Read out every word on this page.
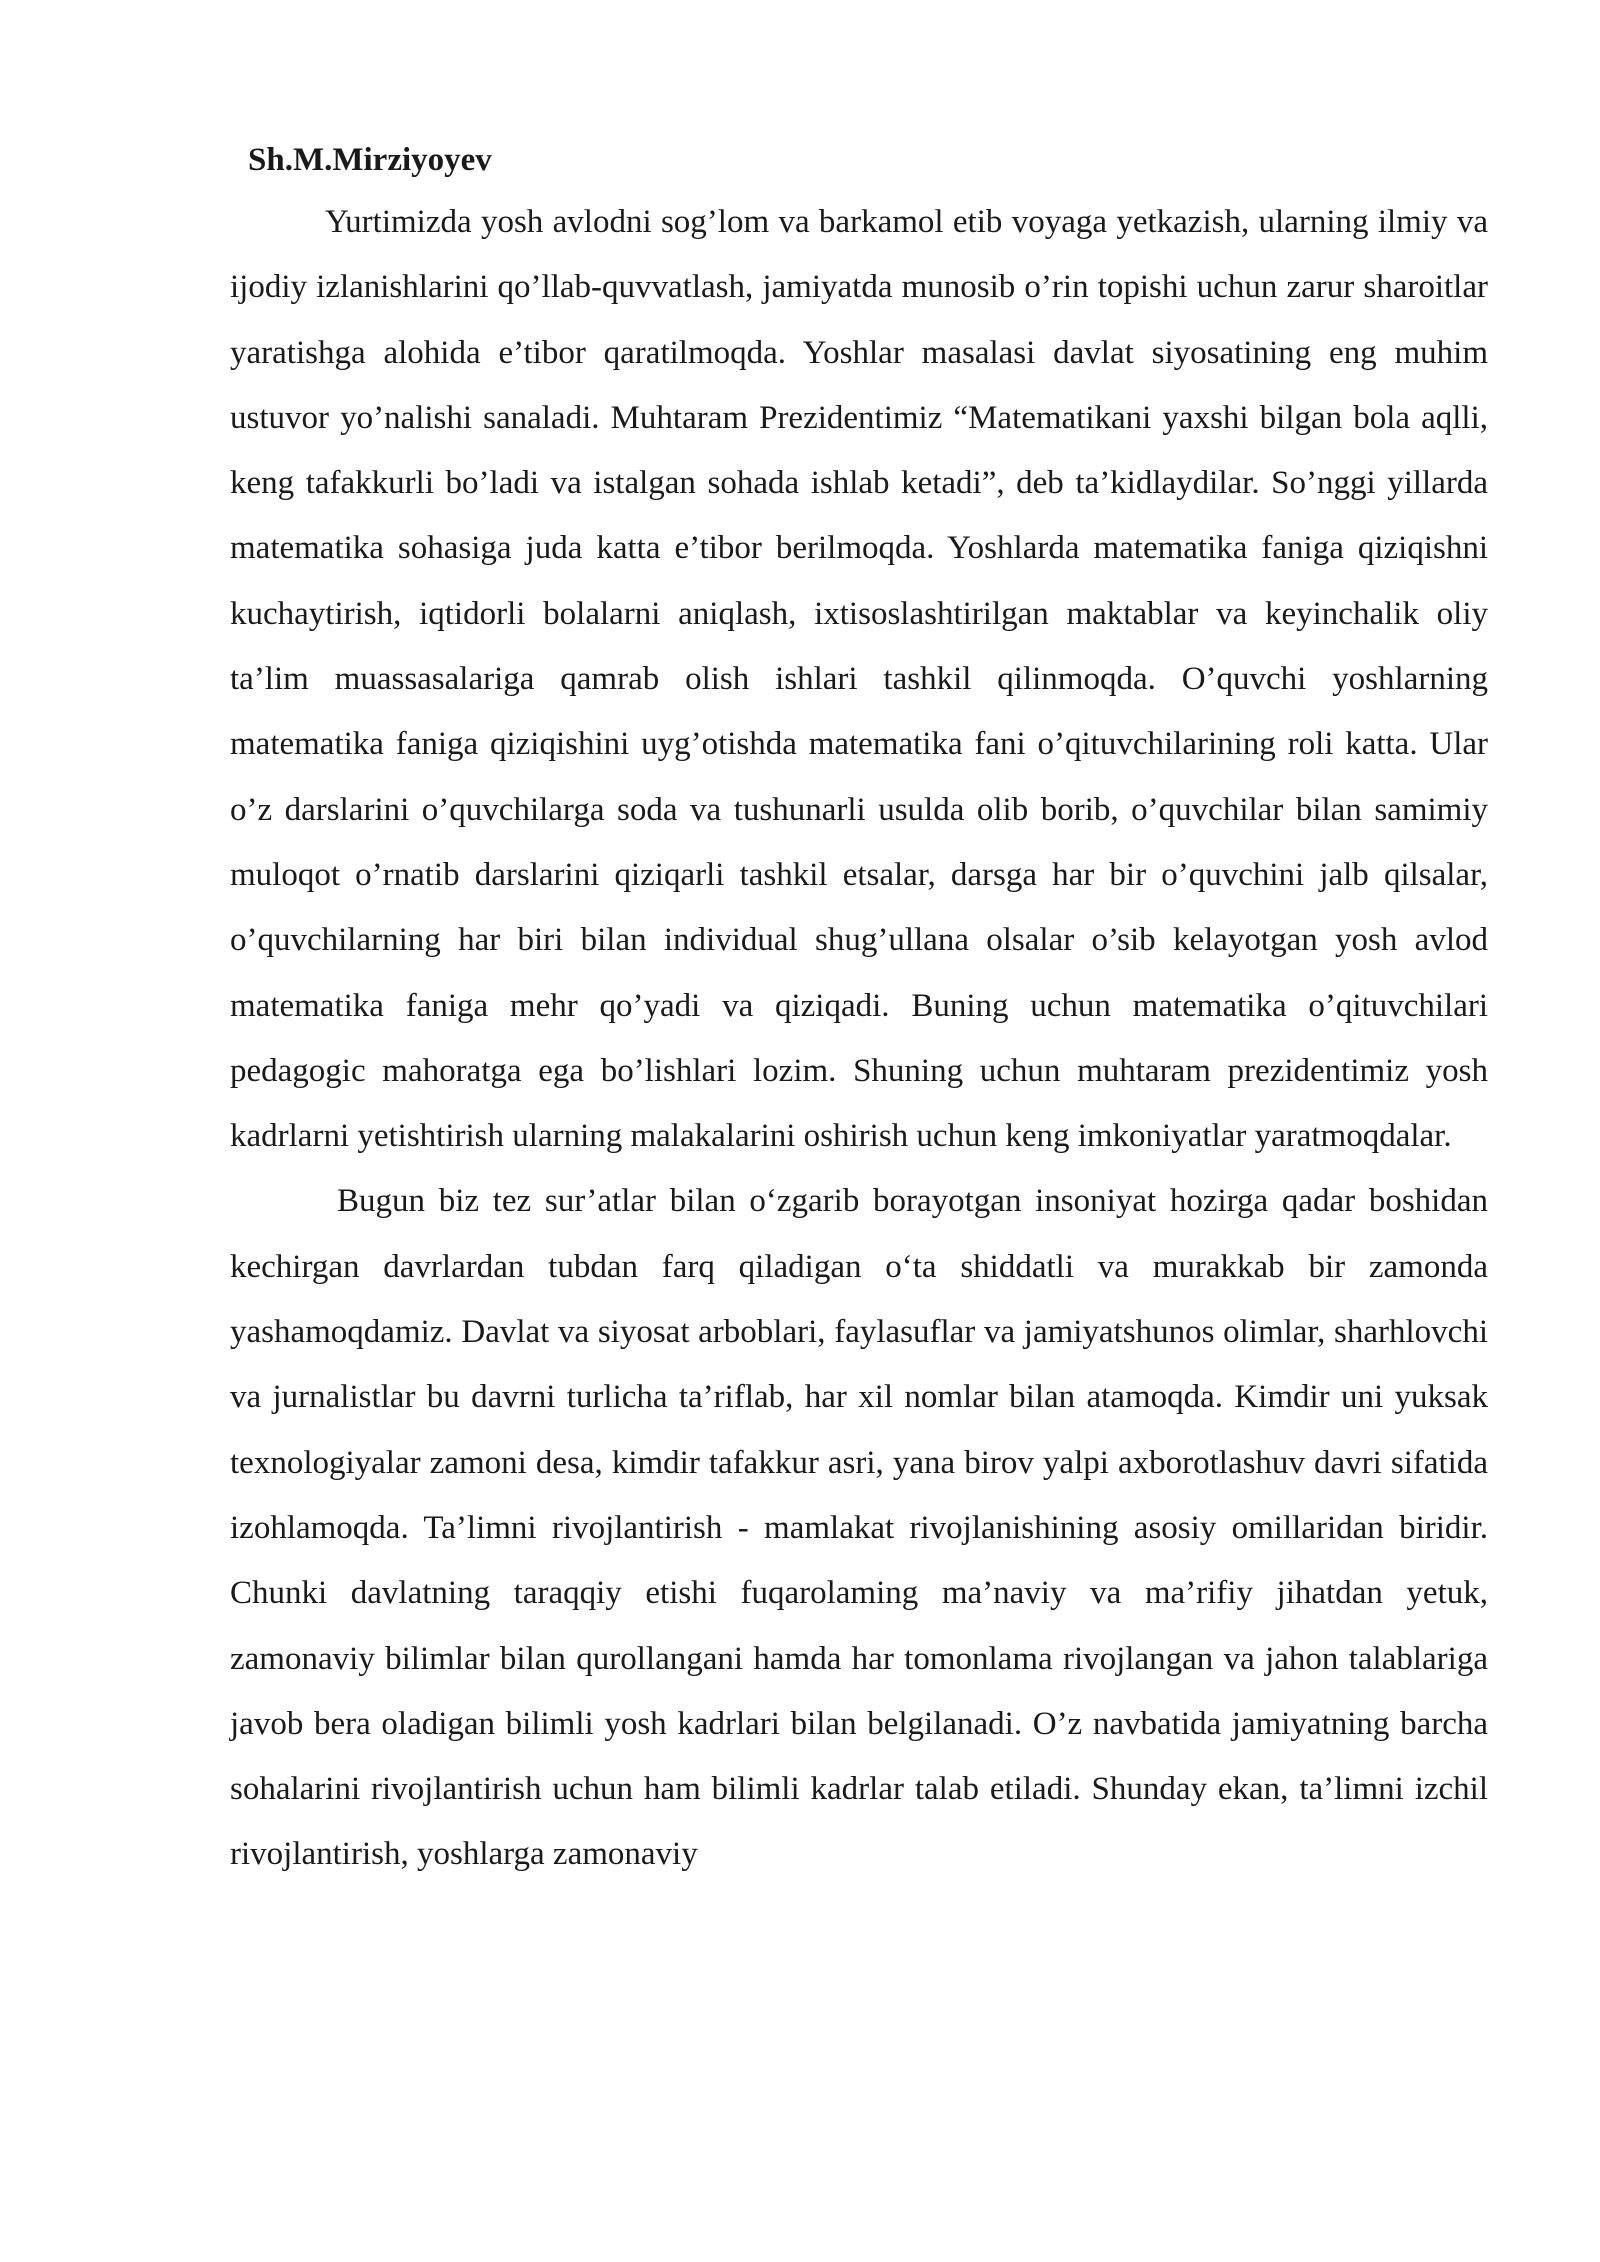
Sh.M.Mirziyoyev

Yurtimizda yosh avlodni sog’lom va barkamol etib voyaga yetkazish, ularning ilmiy va ijodiy izlanishlarini qo’llab-quvvatlash, jamiyatda munosib o’rin topishi uchun zarur sharoitlar yaratishga alohida e’tibor qaratilmoqda. Yoshlar masalasi davlat siyosatining eng muhim ustuvor yo’nalishi sanaladi. Muhtaram Prezidentimiz “Matematikani yaxshi bilgan bola aqlli, keng tafakkurli bo’ladi va istalgan sohada ishlab ketadi”, deb ta’kidlaydilar. So’nggi yillarda matematika sohasiga juda katta e’tibor berilmoqda. Yoshlarda matematika faniga qiziqishni kuchaytirish, iqtidorli bolalarni aniqlash, ixtisoslashtirilgan maktablar va keyinchalik oliy ta’lim muassasalariga qamrab olish ishlari tashkil qilinmoqda. O’quvchi yoshlarning matematika faniga qiziqishini uyg’otishda matematika fani o’qituvchilarining roli katta. Ular o’z darslarini o’quvchilarga soda va tushunarli usulda olib borib, o’quvchilar bilan samimiy muloqot o’rnatib darslarini qiziqarli tashkil etsalar, darsga har bir o’quvchini jalb qilsalar, o’quvchilarning har biri bilan individual shug’ullana olsalar o’sib kelayotgan yosh avlod matematika faniga mehr qo’yadi va qiziqadi. Buning uchun matematika o’qituvchilari pedagogic mahoratga ega bo’lishlari lozim. Shuning uchun muhtaram prezidentimiz yosh kadrlarni yetishtirish ularning malakalarini oshirish uchun keng imkoniyatlar yaratmoqdalar.

Bugun biz tez sur’atlar bilan o‘zgarib borayotgan insoniyat hozirga qadar boshidan kechirgan davrlardan tubdan farq qiladigan o‘ta shiddatli va murakkab bir zamonda yashamoqdamiz. Davlat va siyosat arboblari, faylasuflar va jamiyatshunos olimlar, sharhlovchi va jurnalistlar bu davrni turlicha ta’riflab, har xil nomlar bilan atamoqda. Kimdir uni yuksak texnologiyalar zamoni desa, kimdir tafakkur asri, yana birov yalpi axborotlashuv davri sifatida izohlamoqda. Ta’limni rivojlantirish - mamlakat rivojlanishining asosiy omillaridan biridir. Chunki davlatning taraqqiy etishi fuqarolaming ma’naviy va ma’rifiy jihatdan yetuk, zamonaviy bilimlar bilan qurollangani hamda har tomonlama rivojlangan va jahon talablariga javob bera oladigan bilimli yosh kadrlari bilan belgilanadi. O’z navbatida jamiyatning barcha sohalarini rivojlantirish uchun ham bilimli kadrlar talab etiladi. Shunday ekan, ta’limni izchil rivojlantirish, yoshlarga zamonaviy
